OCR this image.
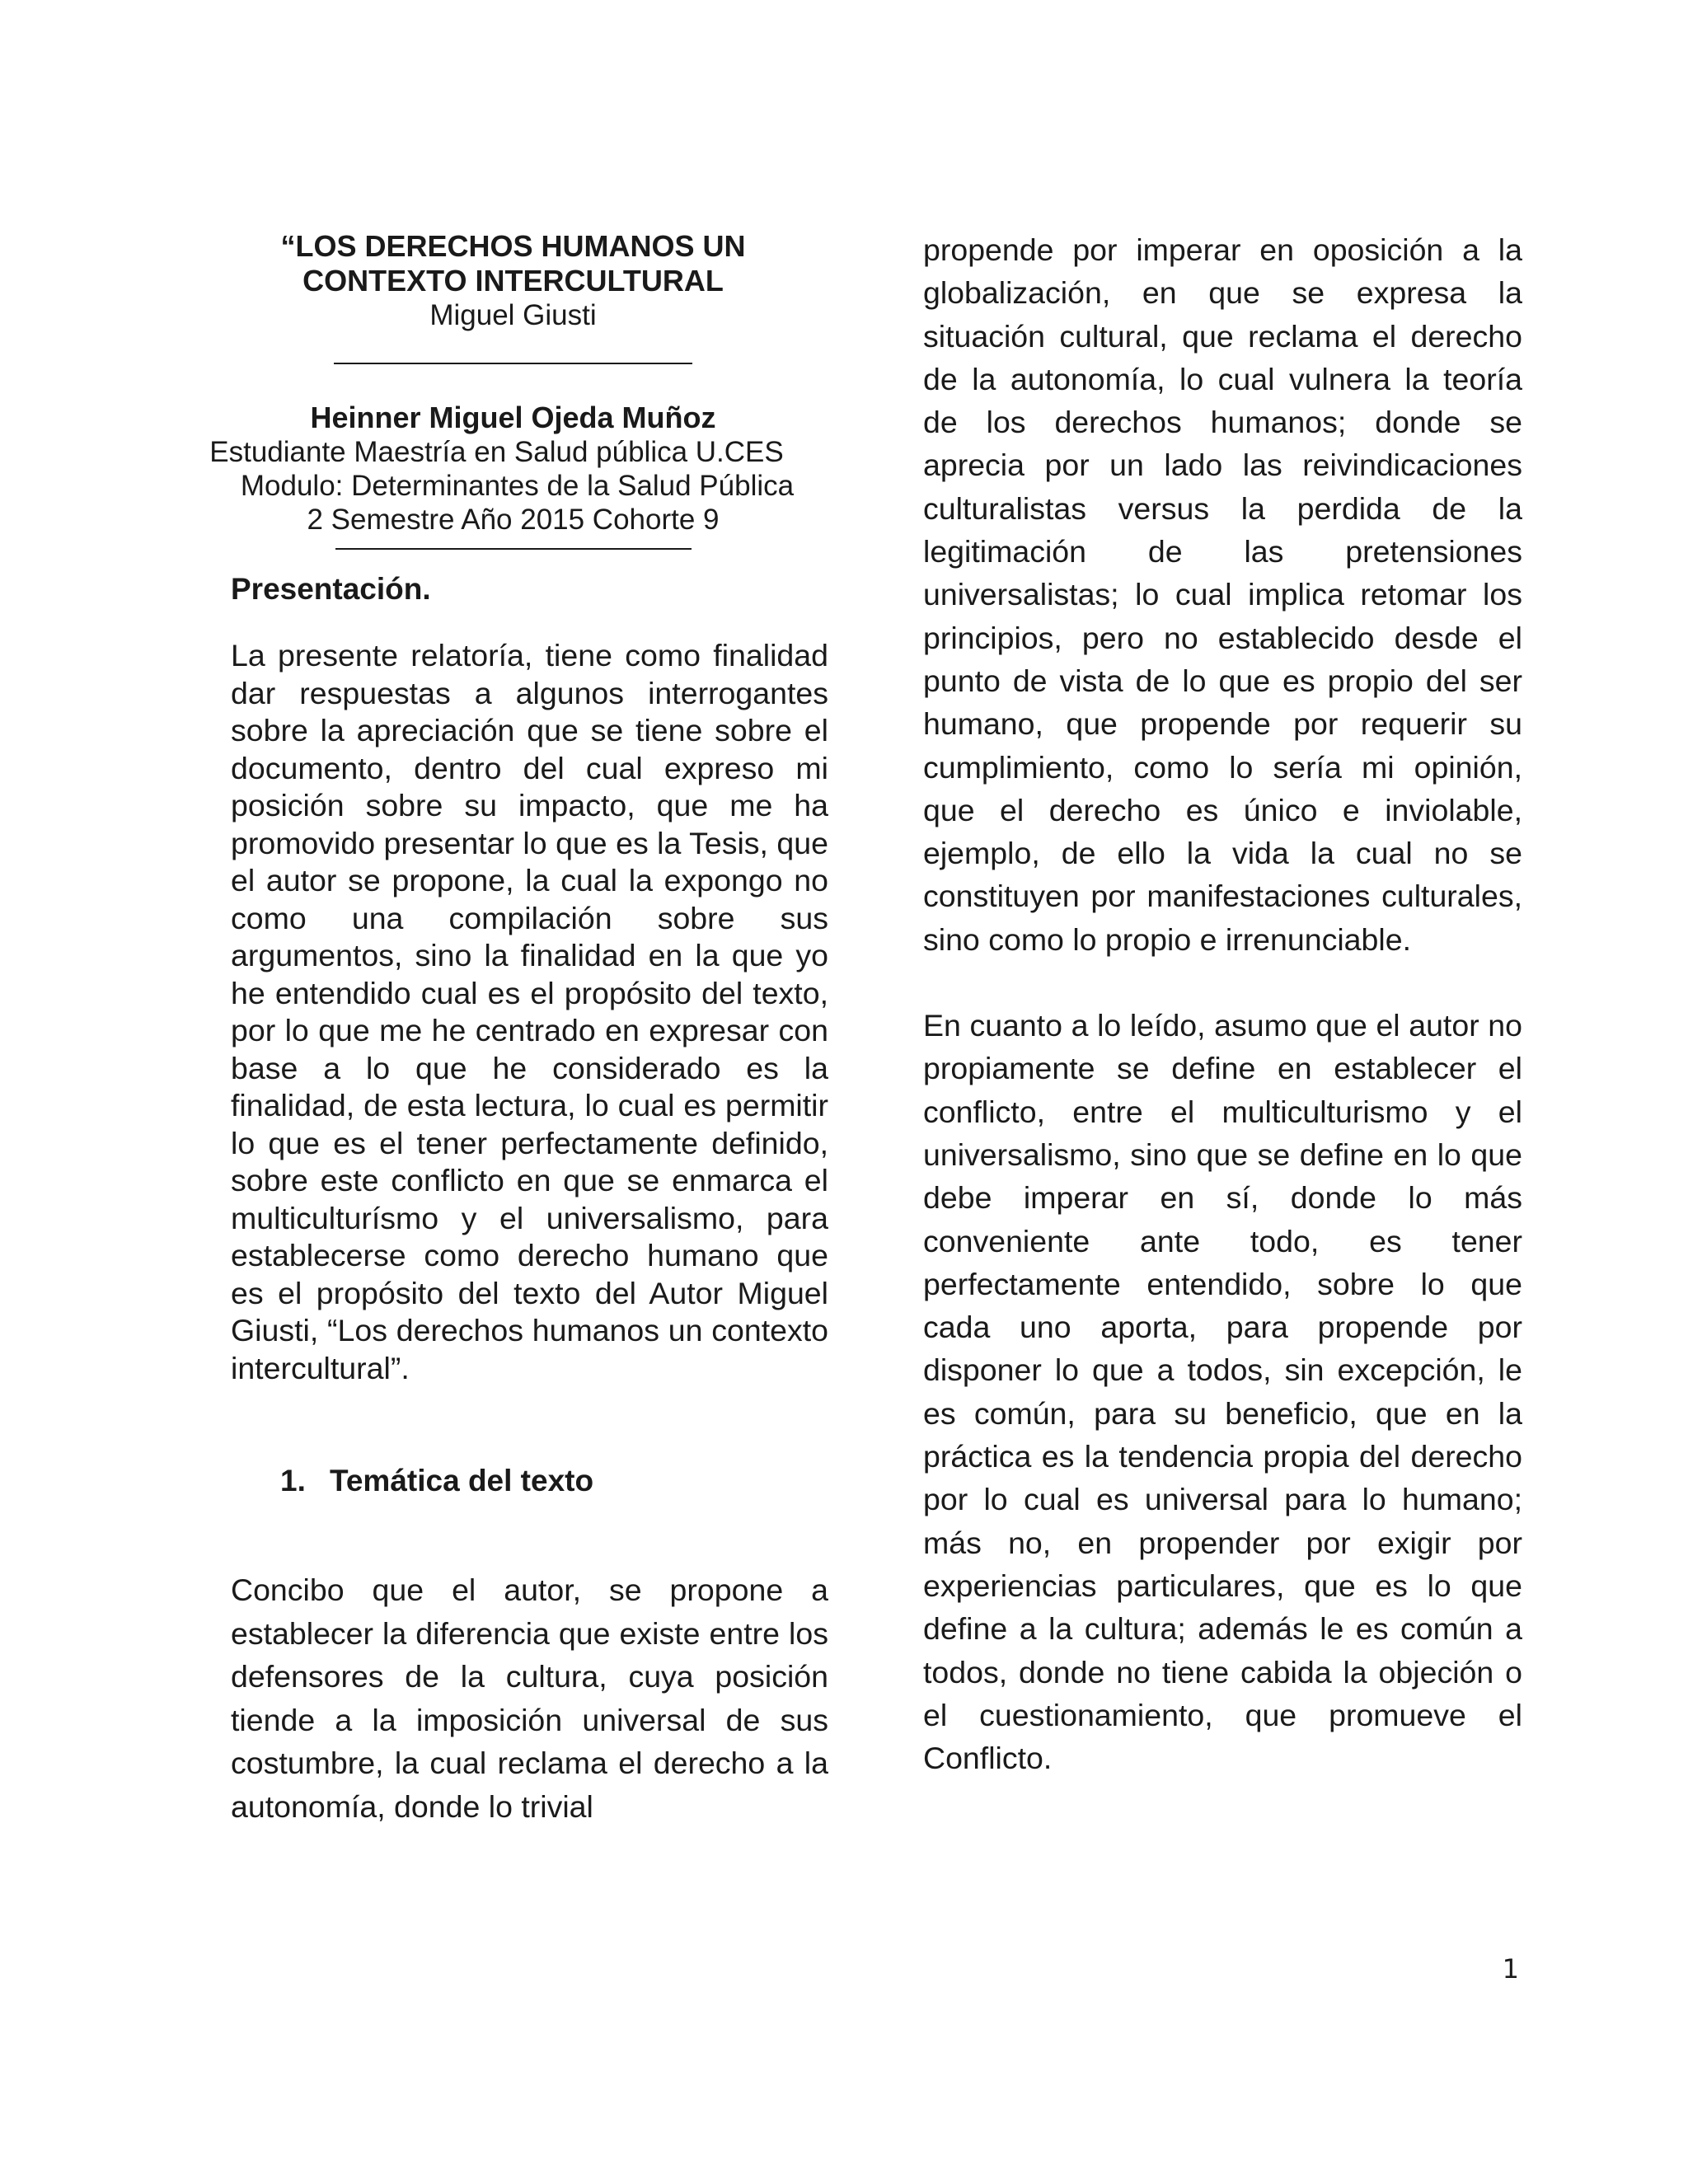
“LOS DERECHOS HUMANOS UN
CONTEXTO INTERCULTURAL
Miguel Giusti
Heinner Miguel Ojeda Muñoz
Estudiante Maestría en Salud pública U.CES
Modulo: Determinantes de la Salud Pública
2 Semestre Año 2015 Cohorte 9
Presentación.

La presente relatoría, tiene como finalidad dar respuestas a algunos interrogantes sobre la apreciación que se tiene sobre el documento, dentro del cual expreso mi posición sobre su impacto, que me ha promovido presentar lo que es la Tesis, que el autor se propone, la cual la expongo no como una compilación sobre sus argumentos, sino la finalidad en la que yo he entendido cual es el propósito del texto, por lo que me he centrado en expresar con base a lo que he considerado es la finalidad, de esta lectura, lo cual es permitir lo que es el tener perfectamente definido, sobre este conflicto en que se enmarca el multiculturísmo y el universalismo, para establecerse como derecho humano que es el propósito del texto del Autor Miguel Giusti, “Los derechos humanos un contexto intercultural”.

1. Temática del texto

Concibo que el autor, se propone a establecer la diferencia que existe entre los defensores de la cultura, cuya posición tiende a la imposición universal de sus costumbre, la cual reclama el derecho a la autonomía, donde lo trivial

propende por imperar en oposición a la globalización, en que se expresa la situación cultural, que reclama el derecho de la autonomía, lo cual vulnera la teoría de los derechos humanos; donde se aprecia por un lado las reivindicaciones culturalistas versus la perdida de la legitimación de las pretensiones universalistas; lo cual implica retomar los principios, pero no establecido desde el punto de vista de lo que es propio del ser humano, que propende por requerir su cumplimiento, como lo sería mi opinión, que el derecho es único e inviolable, ejemplo, de ello la vida la cual no se constituyen por manifestaciones culturales, sino como lo propio e irrenunciable.

En cuanto a lo leído, asumo que el autor no propiamente se define en establecer el conflicto, entre el multiculturismo y el universalismo, sino que se define en lo que debe imperar en sí, donde lo más conveniente ante todo, es tener perfectamente entendido, sobre lo que cada uno aporta, para propende por disponer lo que a todos, sin excepción, le es común, para su beneficio, que en la práctica es la tendencia propia del derecho por lo cual es universal para lo humano; más no, en propender por exigir por experiencias particulares, que es lo que define a la cultura; además le es común a todos, donde no tiene cabida la objeción o el cuestionamiento, que promueve el Conflicto.

1
